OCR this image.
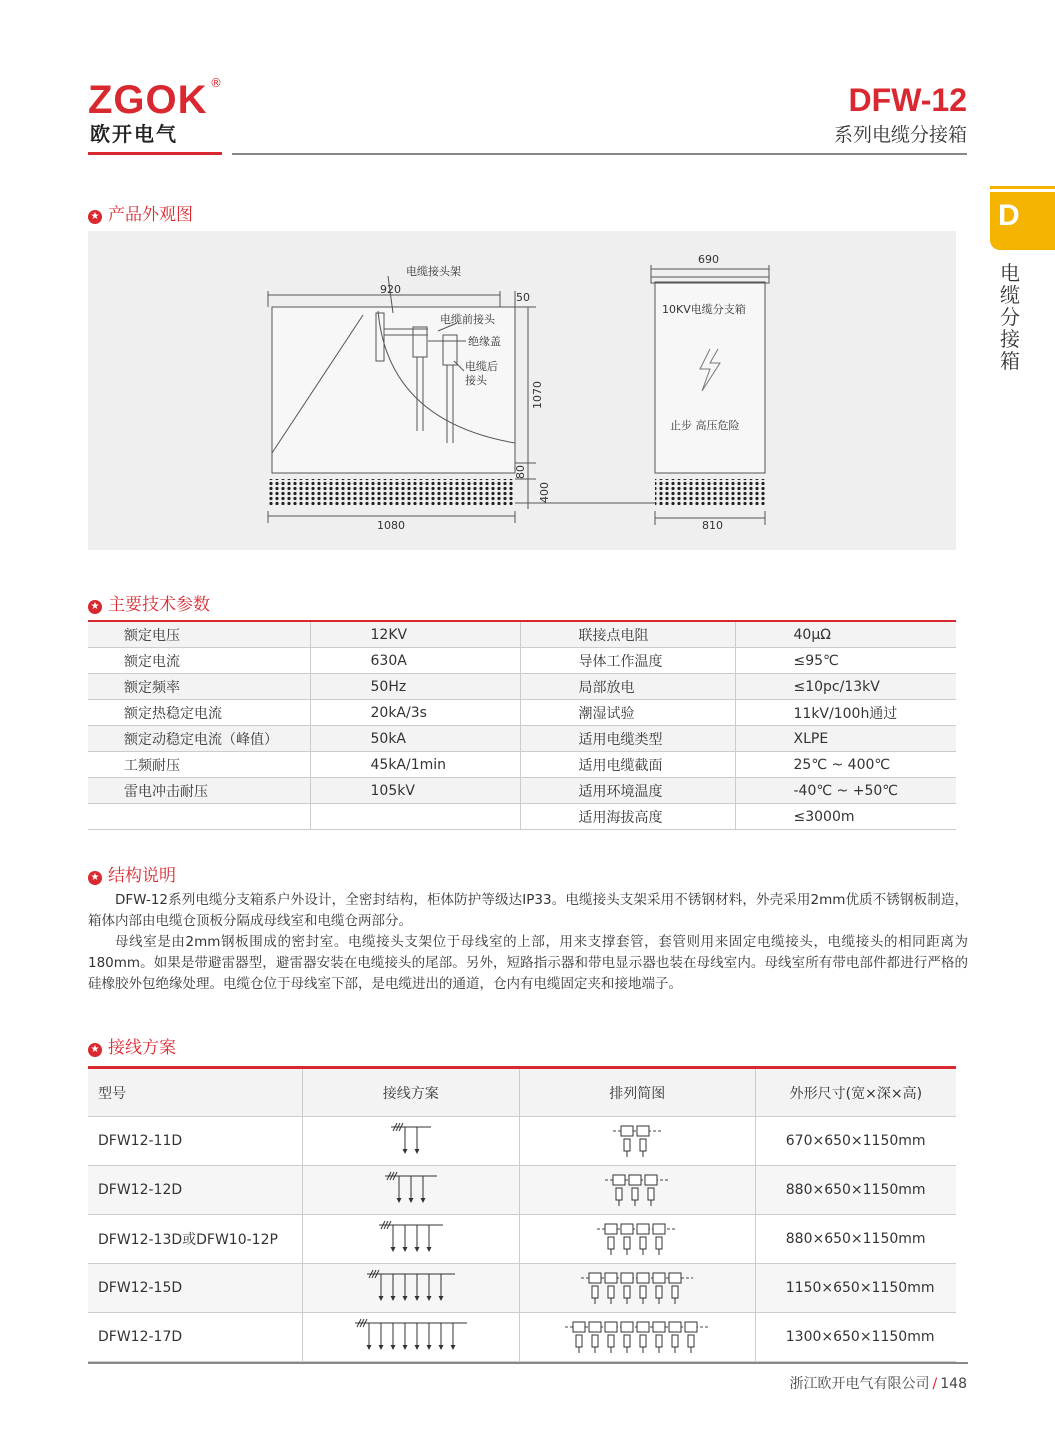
ZGOK ®
欧开电气
DFW-12
系列电缆分接箱
D
电缆分接箱
★ 产品外观图
电缆接头架
电缆前接头
绝缘盖
电缆后
接头
920
50
1070
80
400
1080
690
810
10KV电缆分支箱
止步 高压危险
★ 主要技术参数
额定电压	12KV	联接点电阻	40μΩ
额定电流	630A	导体工作温度	≤95℃
额定频率	50Hz	局部放电	≤10pc/13kV
额定热稳定电流	20kA/3s	潮湿试验	11kV/100h通过
额定动稳定电流（峰值）	50kA	适用电缆类型	XLPE
工频耐压	45kA/1min	适用电缆截面	25℃ ~ 400℃
雷电冲击耐压	105kV	适用环境温度	-40℃ ~ +50℃
		适用海拔高度	≤3000m
★ 结构说明

DFW-12系列电缆分支箱系户外设计，全密封结构，柜体防护等级达IP33。电缆接头支架采用不锈钢材料，外壳采用2mm优质不锈钢板制造，箱体内部由电缆仓顶板分隔成母线室和电缆仓两部分。

母线室是由2mm钢板围成的密封室。电缆接头支架位于母线室的上部，用来支撑套管，套管则用来固定电缆接头，电缆接头的相同距离为180mm。如果是带避雷器型，避雷器安装在电缆接头的尾部。另外，短路指示器和带电显示器也装在母线室内。母线室所有带电部件都进行严格的硅橡胶外包绝缘处理。电缆仓位于母线室下部，是电缆进出的通道，仓内有电缆固定夹和接地端子。

★ 接线方案
型号	接线方案	排列简图	外形尺寸(宽×深×高)
DFW12-11D			670×650×1150mm
DFW12-12D			880×650×1150mm
DFW12-13D或DFW10-12P			880×650×1150mm
DFW12-15D			1150×650×1150mm
DFW12-17D			1300×650×1150mm
浙江欧开电气有限公司 / 148
